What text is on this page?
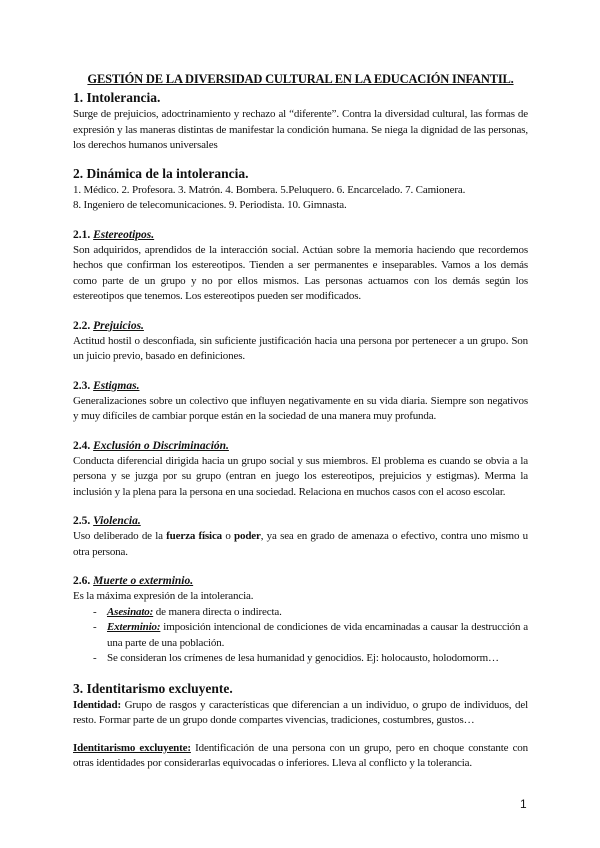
GESTIÓN DE LA DIVERSIDAD CULTURAL EN LA EDUCACIÓN INFANTIL.
1. Intolerancia.

Surge de prejuicios, adoctrinamiento y rechazo al “diferente”. Contra la diversidad cultural, las formas de expresión y las maneras distintas de manifestar la condición humana. Se niega la dignidad de las personas, los derechos humanos universales

2. Dinámica de la intolerancia.

1. Médico. 2. Profesora. 3. Matrón. 4. Bombera. 5.Peluquero. 6. Encarcelado. 7. Camionera.

8. Ingeniero de telecomunicaciones. 9. Periodista. 10. Gimnasta.

2.1. Estereotipos.

Son adquiridos, aprendidos de la interacción social. Actúan sobre la memoria haciendo que recordemos hechos que confirman los estereotipos. Tienden a ser permanentes e inseparables. Vamos a los demás como parte de un grupo y no por ellos mismos. Las personas actuamos con los demás según los estereotipos que tenemos. Los estereotipos pueden ser modificados.

2.2. Prejuicios.

Actitud hostil o desconfiada, sin suficiente justificación hacia una persona por pertenecer a un grupo. Son un juicio previo, basado en definiciones.

2.3. Estigmas.

Generalizaciones sobre un colectivo que influyen negativamente en su vida diaria. Siempre son negativos y muy difíciles de cambiar porque están en la sociedad de una manera muy profunda.

2.4. Exclusión o Discriminación.

Conducta diferencial dirigida hacia un grupo social y sus miembros. El problema es cuando se obvia a la persona y se juzga por su grupo (entran en juego los estereotipos, prejuicios y estigmas). Merma la inclusión y la plena para la persona en una sociedad. Relaciona en muchos casos con el acoso escolar.

2.5. Violencia.

Uso deliberado de la fuerza física o poder, ya sea en grado de amenaza o efectivo, contra uno mismo u otra persona.

2.6. Muerte o exterminio.

Es la máxima expresión de la intolerancia.

- Asesinato: de manera directa o indirecta.
- Exterminio: imposición intencional de condiciones de vida encaminadas a causar la destrucción a una parte de una población.
- Se consideran los crímenes de lesa humanidad y genocidios. Ej: holocausto, holodomorm…
3. Identitarismo excluyente.

Identidad: Grupo de rasgos y características que diferencian a un individuo, o grupo de individuos, del resto. Formar parte de un grupo donde compartes vivencias, tradiciones, costumbres, gustos…

Identitarismo excluyente: Identificación de una persona con un grupo, pero en choque constante con otras identidades por considerarlas equivocadas o inferiores. Lleva al conflicto y la tolerancia.

1
